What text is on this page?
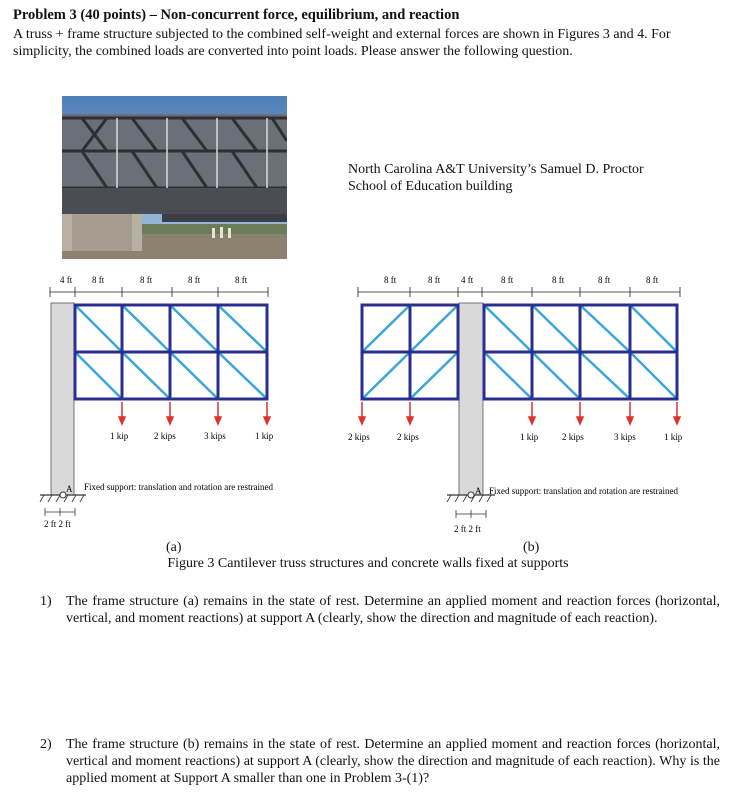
Problem 3 (40 points) – Non-concurrent force, equilibrium, and reaction
A truss + frame structure subjected to the combined self-weight and external forces are shown in Figures 3 and 4. For simplicity, the combined loads are converted into point loads. Please answer the following question.
North Carolina A&T University’s Samuel D. Proctor
School of Education building
4 ft 8 ft	8 ft	8 ft	8 ft
1 kip	2 kips	3 kips	1 kip
A Fixed support: translation and rotation are restrained
2 ft 2 ft
8 ft	8 ft 4 ft	8 ft	8 ft	8 ft	8 ft
2 kips	2 kips	1 kip	2 kips	3 kips	1 kip
A Fixed support: translation and rotation are restrained
2 ft 2 ft
(a)	(b)
Figure 3 Cantilever truss structures and concrete walls fixed at supports
1)	The frame structure (a) remains in the state of rest. Determine an applied moment and reaction forces (horizontal, vertical, and moment reactions) at support A (clearly, show the direction and magnitude of each reaction).
2)	The frame structure (b) remains in the state of rest. Determine an applied moment and reaction forces (horizontal, vertical and moment reactions) at support A (clearly, show the direction and magnitude of each reaction). Why is the applied moment at Support A smaller than one in Problem 3-(1)?
